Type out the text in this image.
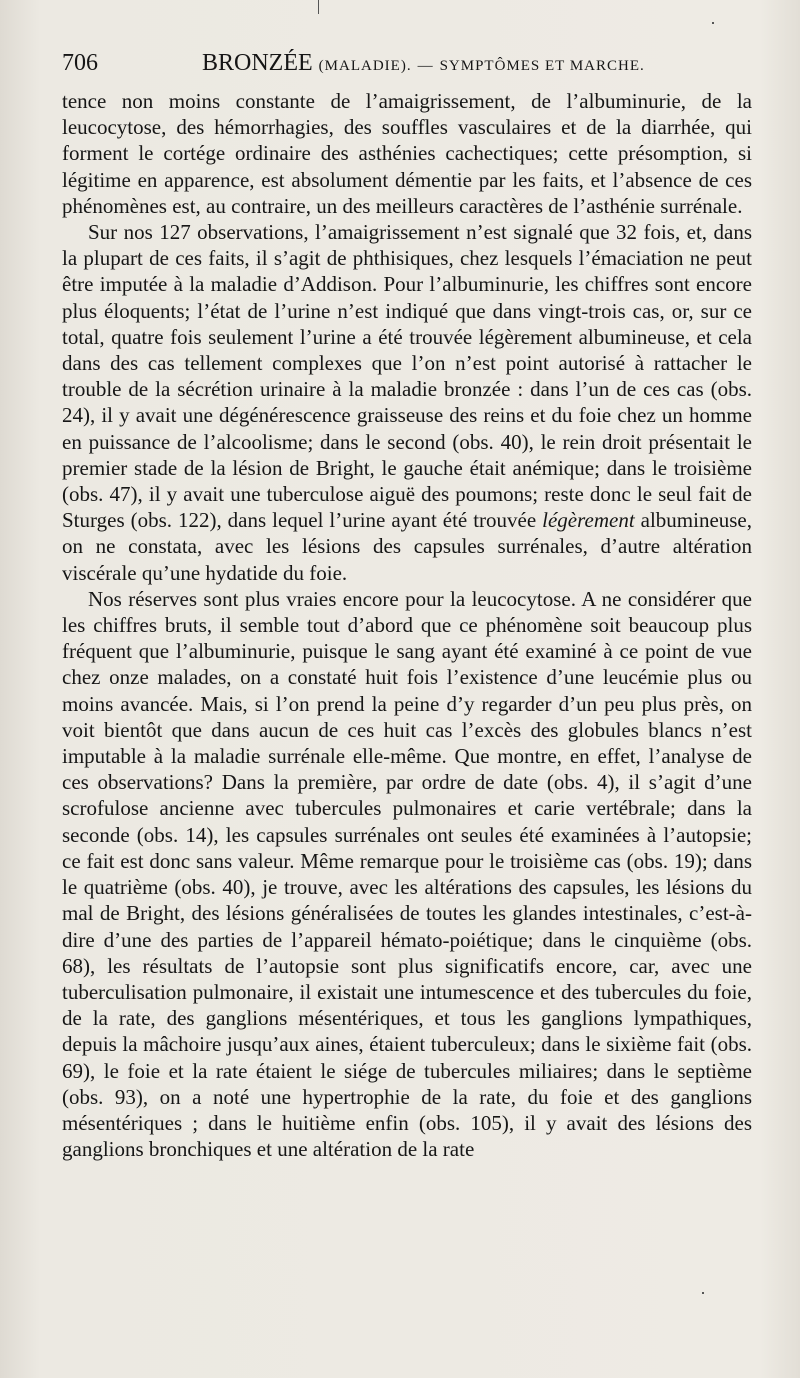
706	BRONZÉE (MALADIE). — SYMPTÔMES ET MARCHE.

tence non moins constante de l’amaigrissement, de l’albuminurie, de la leucocytose, des hémorrhagies, des souffles vasculaires et de la diarrhée, qui forment le cortége ordinaire des asthénies cachectiques; cette présomption, si légitime en apparence, est absolument démentie par les faits, et l’absence de ces phénomènes est, au contraire, un des meilleurs caractères de l’asthénie surrénale.

Sur nos 127 observations, l’amaigrissement n’est signalé que 32 fois, et, dans la plupart de ces faits, il s’agit de phthisiques, chez lesquels l’émaciation ne peut être imputée à la maladie d’Addison. Pour l’albuminurie, les chiffres sont encore plus éloquents; l’état de l’urine n’est indiqué que dans vingt-trois cas, or, sur ce total, quatre fois seulement l’urine a été trouvée légèrement albumineuse, et cela dans des cas tellement complexes que l’on n’est point autorisé à rattacher le trouble de la sécrétion urinaire à la maladie bronzée : dans l’un de ces cas (obs. 24), il y avait une dégénérescence graisseuse des reins et du foie chez un homme en puissance de l’alcoolisme; dans le second (obs. 40), le rein droit présentait le premier stade de la lésion de Bright, le gauche était anémique; dans le troisième (obs. 47), il y avait une tuberculose aiguë des poumons; reste donc le seul fait de Sturges (obs. 122), dans lequel l’urine ayant été trouvée légèrement albumineuse, on ne constata, avec les lésions des capsules surrénales, d’autre altération viscérale qu’une hydatide du foie.

Nos réserves sont plus vraies encore pour la leucocytose. A ne considérer que les chiffres bruts, il semble tout d’abord que ce phénomène soit beaucoup plus fréquent que l’albuminurie, puisque le sang ayant été examiné à ce point de vue chez onze malades, on a constaté huit fois l’existence d’une leucémie plus ou moins avancée. Mais, si l’on prend la peine d’y regarder d’un peu plus près, on voit bientôt que dans aucun de ces huit cas l’excès des globules blancs n’est imputable à la maladie surrénale elle-même. Que montre, en effet, l’analyse de ces observations? Dans la première, par ordre de date (obs. 4), il s’agit d’une scrofulose ancienne avec tubercules pulmonaires et carie vertébrale; dans la seconde (obs. 14), les capsules surrénales ont seules été examinées à l’autopsie; ce fait est donc sans valeur. Même remarque pour le troisième cas (obs. 19); dans le quatrième (obs. 40), je trouve, avec les altérations des capsules, les lésions du mal de Bright, des lésions généralisées de toutes les glandes intestinales, c’est-à-dire d’une des parties de l’appareil hémato-poiétique; dans le cinquième (obs. 68), les résultats de l’autopsie sont plus significatifs encore, car, avec une tuberculisation pulmonaire, il existait une intumescence et des tubercules du foie, de la rate, des ganglions mésentériques, et tous les ganglions lympathiques, depuis la mâchoire jusqu’aux aines, étaient tuberculeux; dans le sixième fait (obs. 69), le foie et la rate étaient le siége de tubercules miliaires; dans le septième (obs. 93), on a noté une hypertrophie de la rate, du foie et des ganglions mésentériques ; dans le huitième enfin (obs. 105), il y avait des lésions des ganglions bronchiques et une altération de la rate
